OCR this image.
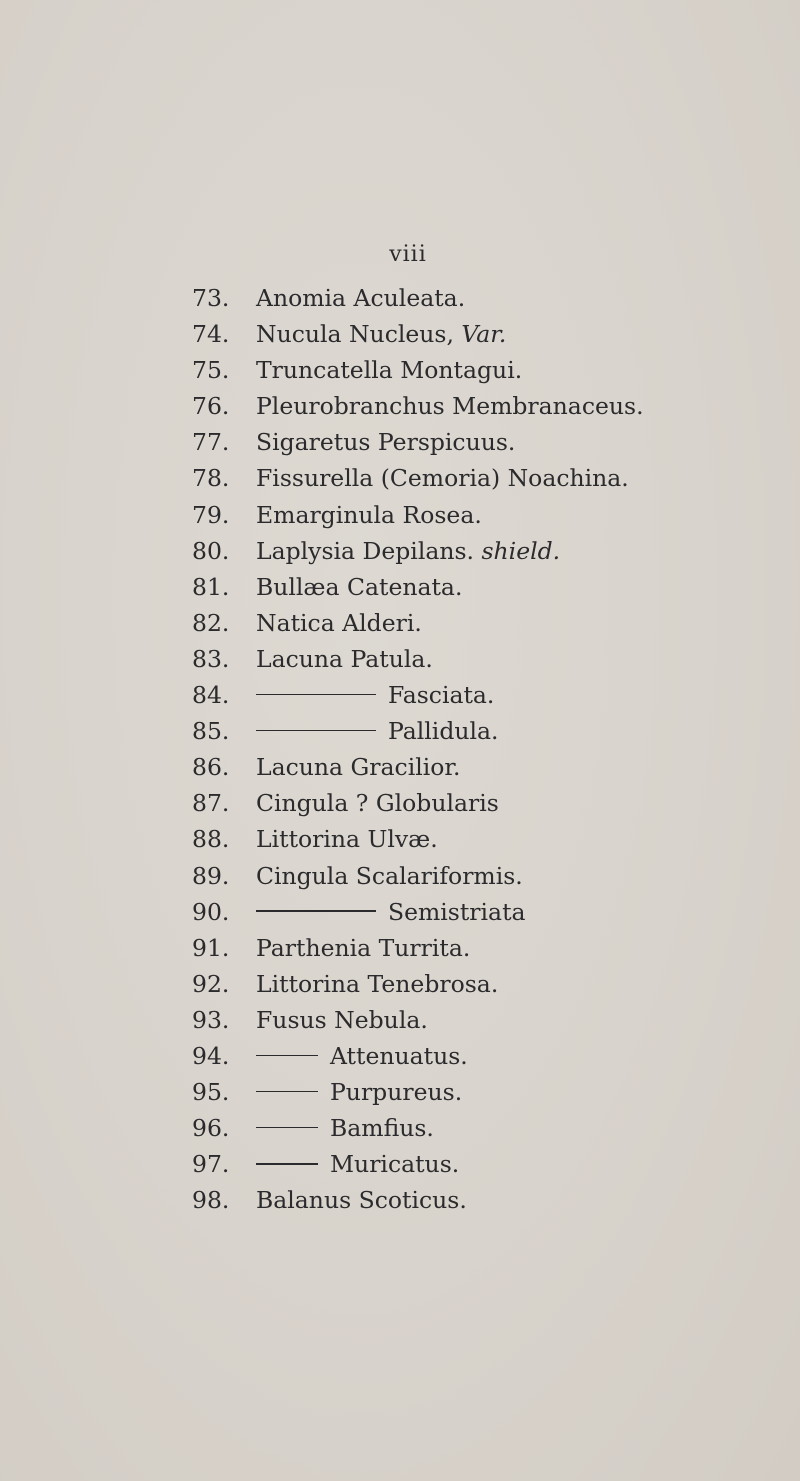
viii
73. Anomia Aculeata.
74. Nucula Nucleus, Var.
75. Truncatella Montagui.
76. Pleurobranchus Membranaceus.
77. Sigaretus Perspicuus.
78. Fissurella (Cemoria) Noachina.
79. Emarginula Rosea.
80. Laplysia Depilans. shield.
81. Bullæa Catenata.
82. Natica Alderi.
83. Lacuna Patula.
84.	Fasciata.
85.	Pallidula.
86. Lacuna Gracilior.
87. Cingula ? Globularis
88. Littorina Ulvæ.
89. Cingula Scalariformis.
90.	Semistriata
91. Parthenia Turrita.
92. Littorina Tenebrosa.
93. Fusus Nebula.
94.	Attenuatus.
95.	Purpureus.
96.	Bamfius.
97.	Muricatus.
98. Balanus Scoticus.
